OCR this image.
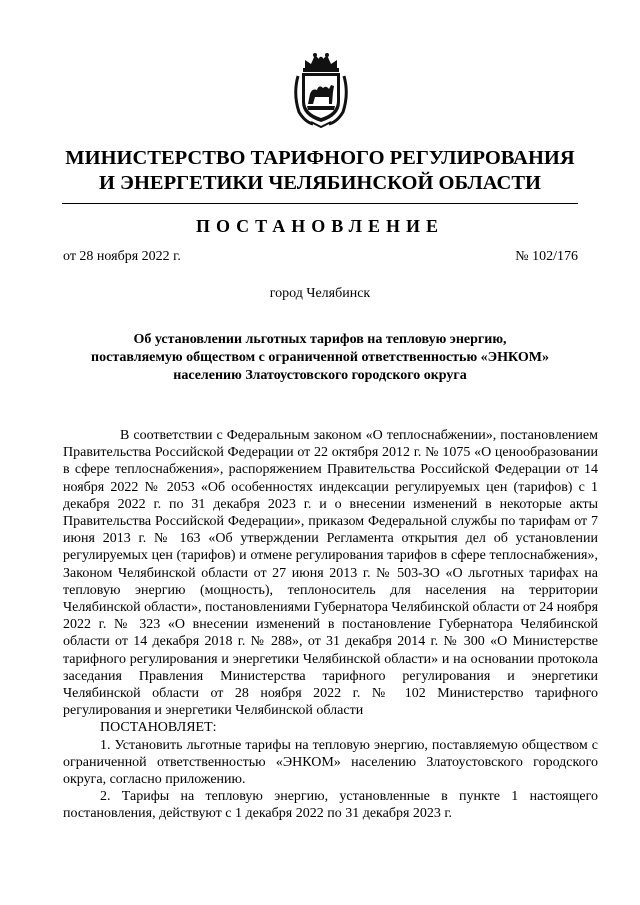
МИНИСТЕРСТВО ТАРИФНОГО РЕГУЛИРОВАНИЯ
И ЭНЕРГЕТИКИ ЧЕЛЯБИНСКОЙ ОБЛАСТИ
ПОСТАНОВЛЕНИЕ
от 28 ноября 2022 г.	№ 102/176
город Челябинск
Об установлении льготных тарифов на тепловую энергию,
поставляемую обществом с ограниченной ответственностью «ЭНКОМ»
населению Златоустовского городского округа

В соответствии с Федеральным законом «О теплоснабжении», постановлением Правительства Российской Федерации от 22 октября 2012 г. № 1075 «О ценообразовании в сфере теплоснабжения», распоряжением Правительства Российской Федерации от 14 ноября 2022 № 2053 «Об особенностях индексации регулируемых цен (тарифов) с 1 декабря 2022 г. по 31 декабря 2023 г. и о внесении изменений в некоторые акты Правительства Российской Федерации», приказом Федеральной службы по тарифам от 7 июня 2013 г. № 163 «Об утверждении Регламента открытия дел об установлении регулируемых цен (тарифов) и отмене регулирования тарифов в сфере теплоснабжения», Законом Челябинской области от 27 июня 2013 г. № 503-ЗО «О льготных тарифах на тепловую энергию (мощность), теплоноситель для населения на территории Челябинской области», постановлениями Губернатора Челябинской области от 24 ноября 2022 г. № 323 «О внесении изменений в постановление Губернатора Челябинской области от 14 декабря 2018 г. № 288», от 31 декабря 2014 г. № 300 «О Министерстве тарифного регулирования и энергетики Челябинской области» и на основании протокола заседания Правления Министерства тарифного регулирования и энергетики Челябинской области от 28 ноября 2022 г. № 102 Министерство тарифного регулирования и энергетики Челябинской области

ПОСТАНОВЛЯЕТ:

1. Установить льготные тарифы на тепловую энергию, поставляемую обществом с ограниченной ответственностью «ЭНКОМ» населению Златоустовского городского округа, согласно приложению.

2. Тарифы на тепловую энергию, установленные в пункте 1 настоящего постановления, действуют с 1 декабря 2022 по 31 декабря 2023 г.
